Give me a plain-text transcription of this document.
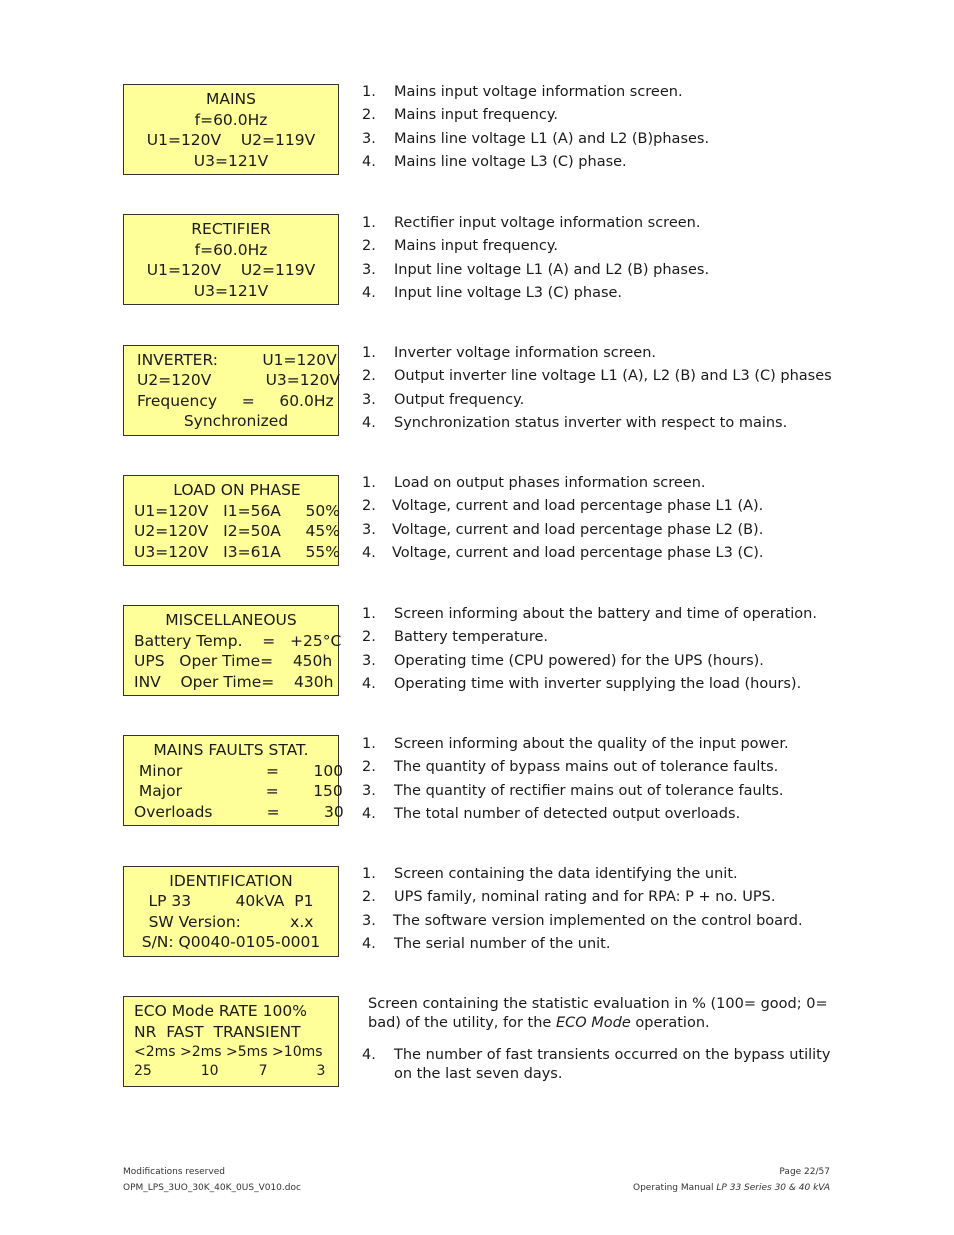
MAINS
f=60.0Hz
U1=120V    U2=119V
U3=121V
1. Mains input voltage information screen.
2. Mains input frequency.
3. Mains line voltage L1 (A) and L2 (B)phases.
4. Mains line voltage L3 (C) phase.
RECTIFIER
f=60.0Hz
U1=120V    U2=119V
U3=121V
1. Rectifier input voltage information screen.
2. Mains input frequency.
3. Input line voltage L1 (A) and L2 (B) phases.
4. Input line voltage L3 (C) phase.
INVERTER:         U1=120V
U2=120V           U3=120V
Frequency     =     60.0Hz
Synchronized
1. Inverter voltage information screen.
2. Output inverter line voltage L1 (A), L2 (B) and L3 (C) phases
3. Output frequency.
4. Synchronization status inverter with respect to mains.
LOAD ON PHASE
U1=120V   I1=56A     50%
U2=120V   I2=50A     45%
U3=120V   I3=61A     55%
1. Load on output phases information screen.
2. Voltage, current and load percentage phase L1 (A).
3. Voltage, current and load percentage phase L2 (B).
4. Voltage, current and load percentage phase L3 (C).
MISCELLANEOUS
Battery Temp.    =   +25°C
UPS   Oper Time=    450h
INV    Oper Time=    430h
1. Screen informing about the battery and time of operation.
2. Battery temperature.
3. Operating time (CPU powered) for the UPS (hours).
4. Operating time with inverter supplying the load (hours).
MAINS FAULTS STAT.
Minor                 =       100
Major                 =       150
Overloads           =         30
1. Screen informing about the quality of the input power.
2. The quantity of bypass mains out of tolerance faults.
3. The quantity of rectifier mains out of tolerance faults.
4. The total number of detected output overloads.
IDENTIFICATION
LP 33         40kVA  P1
SW Version:          x.x
S/N: Q0040-0105-0001
1. Screen containing the data identifying the unit.
2. UPS family, nominal rating and for RPA: P + no. UPS.
3. The software version implemented on the control board.
4. The serial number of the unit.
ECO Mode RATE 100%
NR  FAST  TRANSIENT
<2ms >2ms >5ms >10ms
25           10         7           3
Screen containing the statistic evaluation in % (100= good; 0= bad) of the utility, for the ECO Mode operation.
4. The number of fast transients occurred on the bypass utility on the last seven days.
Modifications reserved
OPM_LPS_3UO_30K_40K_0US_V010.doc
Page 22/57
Operating Manual LP 33 Series 30 & 40 kVA
